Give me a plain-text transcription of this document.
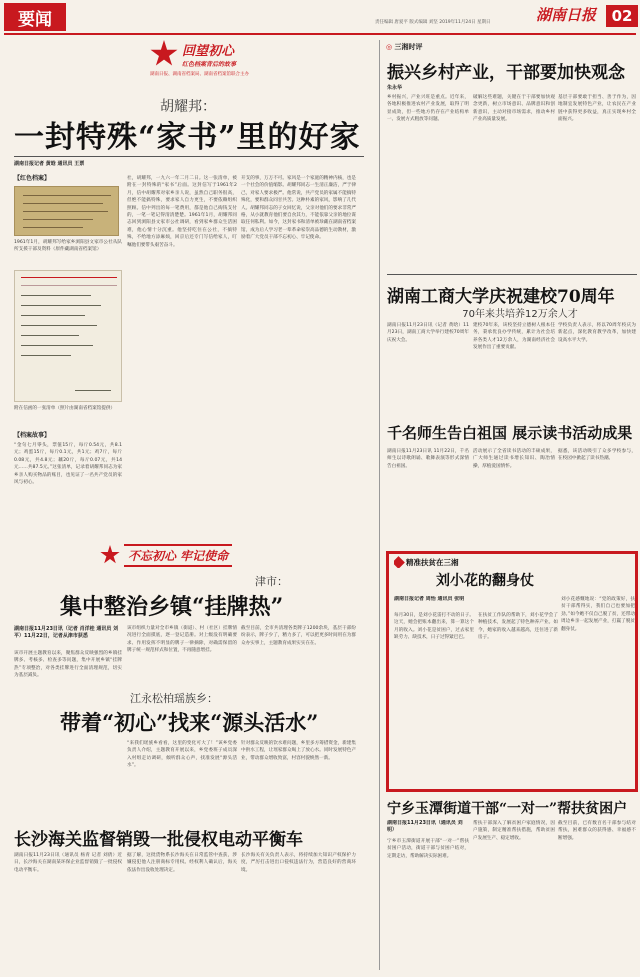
要闻	责任编辑 唐爱平 版式编辑 刘坚 2019年11月24日 星期日	湖南日报	02
回望初心
红色档案背后的故事
湖南日报、湖南省档案局、湖南省档案馆联合主办
胡耀邦：
一封特殊“家书”里的好家
湖南日报记者 黄晗 通讯员 王票
【红色档案】
1961年1月，胡耀邦写给家乡浏阳县文家市公社从队所支援干部及资料（原件藏湖南省档案馆）
附在信函的一张清单（照片由湖南省档案馆提供）
【档案故事】
“金句七月零头，票值15斤，每斤0.54元，共8.1元；鸡蛋15斤，每斤0.1元，共1元；鸡7斤，每斤0.08元，共4.8元；藕20斤，每斤0.07元，共14元……共87.5元。”这张清单，记录着胡耀邦同志为家乡亲人购买物品的账目，也见证了一名共产党员的家风与初心。
社，胡耀邦，一九六一年二月二日。这一张清单，被附在一封特殊的“家书”后面。这封信写于1961年2月，信中胡耀邦对家乡亲人说，虽然自己职务很高，但绝不能搞特殊，要求家人自力更生，不要依赖组织照顾。信中列出的每一笔费用，都是他自己掏钱支付的，一笔一笔记得清清楚楚。1961年1月，胡耀邦同志回到浏阳县文家市公社调研，看到家乡群众生活困难，他心情十分沉重。他坚持吃住在公社，不搞特殊，不给地方添麻烦，回京后还专门写信给家人，叮嘱他们要带头艰苦奋斗。
开支的事，万万不可。家风是一个家庭的精神内核，也是一个社会的价值缩影。胡耀邦同志一生清正廉洁，严于律己，对家人要求极严。他常说，共产党员的家属不能搞特殊化，要和群众同甘共苦。这种朴素的家风，影响了几代人。胡耀邦同志的子女回忆说，父亲对他们的要求非常严格，从小就教育他们要自食其力，不能依靠父亲的地位谋取任何私利。如今，这封家书和清单被珍藏在湖南省档案馆，成为后人学习老一辈革命家崇高品德的生动教材，激励着广大党员干部不忘初心、牢记使命。
不忘初心 牢记使命
津市：
集中整治乡镇“挂牌热”
湖南日报11月23日讯（记者 肖洋桂 通讯员 刘平）11月22日，记者从津市获悉
该市开展主题教育以来，聚焦群众反映强烈的乡镇挂牌多、考核多、检查多等问题，集中开展乡镇“挂牌热”专项整治，对各类挂牌进行全面清理规范，切实为基层减负。
该市组织力量对全市乡镇（街道）、村（社区）挂牌情况进行全面摸底，逐一登记造册。对上级没有明确要求、作用发挥不明显的牌子一律摘除，对确需保留的牌子统一规范样式和位置，不再随意增挂。
截至目前，全市共清理各类牌子1200余块，基层干部纷纷表示，牌子少了，精力多了，可以把更多时间用在为群众办实事上，主题教育成果实实在在。
江永松柏瑶族乡：
带着“初心”找来“源头活水”
“来我们瑶族乡看看，这里的变化可大了！”该乡党委负责人介绍，主题教育开展以来，乡党委班子成员深入村组走访调研，倾听群众心声，找准发展“源头活水”。
针对群众反映的饮水难问题，乡里多方筹措资金，新建集中供水工程，让瑶家群众喝上了放心水。同时发展特色产业，带动群众增收致富，村容村貌焕然一新。
长沙海关监督销毁一批侵权电动平衡车
湖南日报11月23日讯（通讯员 杨青 记者 刘倩）近日，长沙海关在湖南某环保企业监督销毁了一批侵权电动平衡车。
据了解，这批货物系长沙海关在日常监管中查获，涉嫌侵犯他人注册商标专用权。经权利人确认后，海关依法作出没收处理决定。
长沙海关有关负责人表示，将持续加大知识产权保护力度，严厉打击进出口侵权违法行为，营造良好的营商环境。
◎ 三湘时评
振兴乡村产业，干部要加快观念
朱永华
乡村振兴，产业兴旺是重点。近年来，各地积极推进农村产业发展，取得了明显成效，但一些地方仍存在产业结构单一、发展方式粗放等问题。
破解这些难题，关键在于干部要加快观念更新，树立市场意识、品牌意识和创新意识，主动对接市场需求，推动乡村产业高质量发展。
基层干部要敢于担当、善于作为，因地制宜发展特色产业，让农民在产业链中获得更多收益，真正实现乡村全面振兴。
湖南工商大学庆祝建校70周年
70年来共培养12万余人才
湖南日报11月23日讯（记者 黄晗）11月23日，湖南工商大学举行建校70周年庆祝大会。
建校70年来，该校坚持立德树人根本任务，秉承优良办学传统，累计为社会培养各类人才12万余人，为湖南经济社会发展作出了重要贡献。
学校负责人表示，将以70周年校庆为新起点，深化教育教学改革，加快建设高水平大学。
千名师生告白祖国 展示读书活动成果
湖南日报11月23日讯 11月22日，千名师生以诗歌朗诵、歌舞表演等形式深情告白祖国。
活动展示了全省读书活动的丰硕成果，广大师生通过读书增长知识、陶冶情操，厚植爱国情怀。
据悉，该活动吸引了众多学校参与，在校园中掀起了读书热潮。
精准扶贫在三湘
刘小花的翻身仗
湖南日报记者 周怡 通讯员 张明
每月30日，是刘小花雷打不动的日子。这天，她会把账本翻出来，算一算这个月的收入。刘小花是贫困户，过去家里缺劳力、缺技术，日子过得紧巴巴。
在扶贫工作队的帮助下，刘小花学会了种植技术，发展起了特色种养产业。如今，她家的收入越来越高，还住进了新房子。
刘小花感慨地说：“党的政策好，扶贫干部帮得实，我们自己也要加把劲。”如今她不仅自己脱了贫，还带动周边乡亲一起发展产业，打赢了脱贫翻身仗。
宁乡玉潭街道干部“一对一”帮扶贫困户
湖南日报11月23日讯（通讯员 刘明）
宁乡市玉潭街道开展干部“一对一”帮扶贫困户活动，街道干部与贫困户结对，定期走访，帮助解决实际困难。
帮扶干部深入了解贫困户家庭情况，因户施策，制定精准帮扶措施，帮助贫困户发展生产、稳定增收。
截至目前，已有数百名干部参与结对帮扶，困难群众的获得感、幸福感不断增强。
